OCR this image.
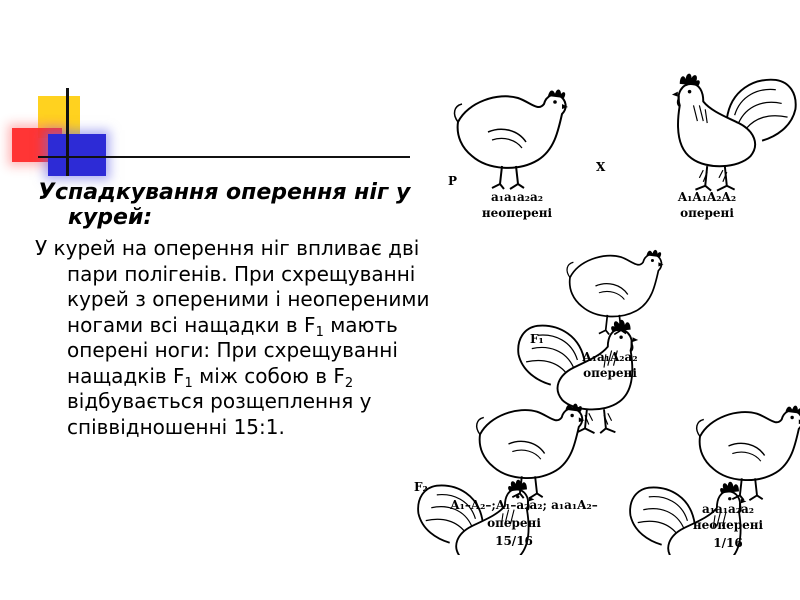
Успадкування оперення ніг у курей:
У курей на оперення ніг впливає дві пари полігенів. При схрещуванні курей з опереними і неопереними ногами всі нащадки в $F_1$ мають оперені ноги: При схрещуванні нащадків $F_1$ між собою в $F_2$ відбувається розщеплення у співвідношенні 15:1.
P
X
a₁a₁a₂a₂
неоперені
A₁A₁A₂A₂
оперені
F₁
A₁a₁A₂a₂
оперені
F₂
A₁–A₂–;A₁–a₂a₂; a₁a₁A₂–
оперені
15/16
a₁a₁a₂a₂
неоперені
1/16
